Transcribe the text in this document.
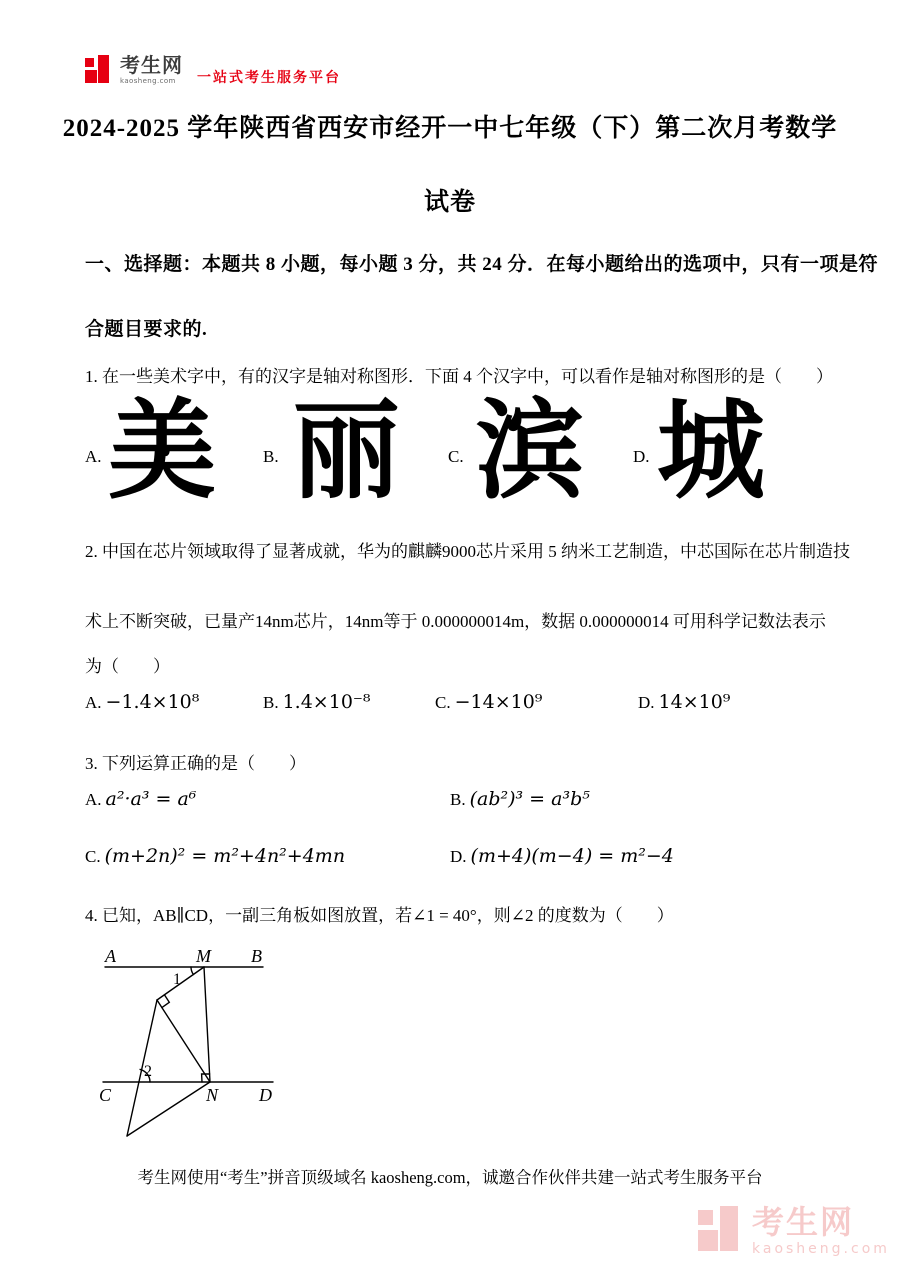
考生网
kaosheng.com	一站式考生服务平台
2024-2025 学年陕西省西安市经开一中七年级（下）第二次月考数学
试卷
一、选择题：本题共 8 小题，每小题 3 分，共 24 分．在每小题给出的选项中，只有一项是符
合题目要求的.
1. 在一些美术字中，有的汉字是轴对称图形．下面 4 个汉字中，可以看作是轴对称图形的是（　　）
A. 美	B. 丽	C. 滨	D. 城
2. 中国在芯片领域取得了显著成就，华为的麒麟9000芯片采用 5 纳米工艺制造，中芯国际在芯片制造技
术上不断突破，已量产14nm芯片，14nm等于 0.000000014m，数据 0.000000014 可用科学记数法表示
为（　　）
A. −1.4×10⁸	B. 1.4×10⁻⁸	C. −14×10⁹	D. 14×10⁹
3. 下列运算正确的是（　　）
A. a²·a³ = a⁶	B. (ab²)³ = a³b⁵
C. (m+2n)² = m²+4n²+4mn	D. (m+4)(m−4) = m²−4
4. 已知，AB∥CD，一副三角板如图放置，若∠1 = 40°，则∠2 的度数为（　　）
A	M B
C	N D
1
2
考生网使用“考生”拼音顶级域名 kaosheng.com，诚邀合作伙伴共建一站式考生服务平台
考生网
kaosheng.com
